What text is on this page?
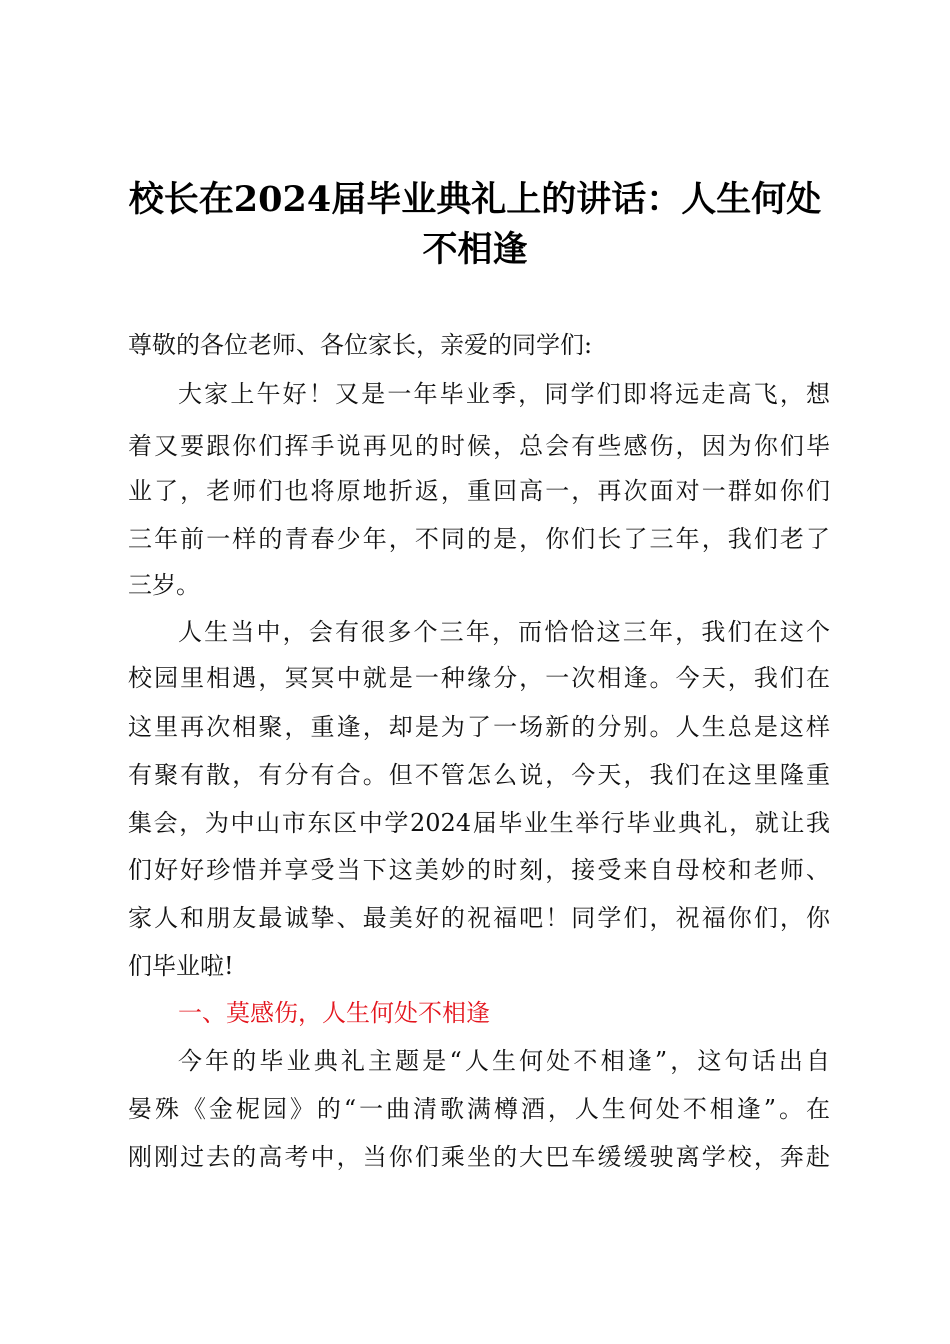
校长在2024届毕业典礼上的讲话：人生何处
不相逢

尊敬的各位老师、各位家长，亲爱的同学们:

大家上午好！又是一年毕业季，同学们即将远走高飞，想

着又要跟你们挥手说再见的时候，总会有些感伤，因为你们毕

业了，老师们也将原地折返，重回高一，再次面对一群如你们

三年前一样的青春少年，不同的是，你们长了三年，我们老了

三岁。

人生当中，会有很多个三年，而恰恰这三年，我们在这个

校园里相遇，冥冥中就是一种缘分，一次相逢。今天，我们在

这里再次相聚，重逢，却是为了一场新的分别。人生总是这样

有聚有散，有分有合。但不管怎么说，今天，我们在这里隆重

集会，为中山市东区中学2024届毕业生举行毕业典礼，就让我

们好好珍惜并享受当下这美妙的时刻，接受来自母校和老师、

家人和朋友最诚挚、最美好的祝福吧！同学们，祝福你们，你

们毕业啦!

一、莫感伤，人生何处不相逢

今年的毕业典礼主题是“人生何处不相逢”，这句话出自

晏殊《金柅园》的“一曲清歌满樽酒，人生何处不相逢”。在

刚刚过去的高考中，当你们乘坐的大巴车缓缓驶离学校，奔赴
